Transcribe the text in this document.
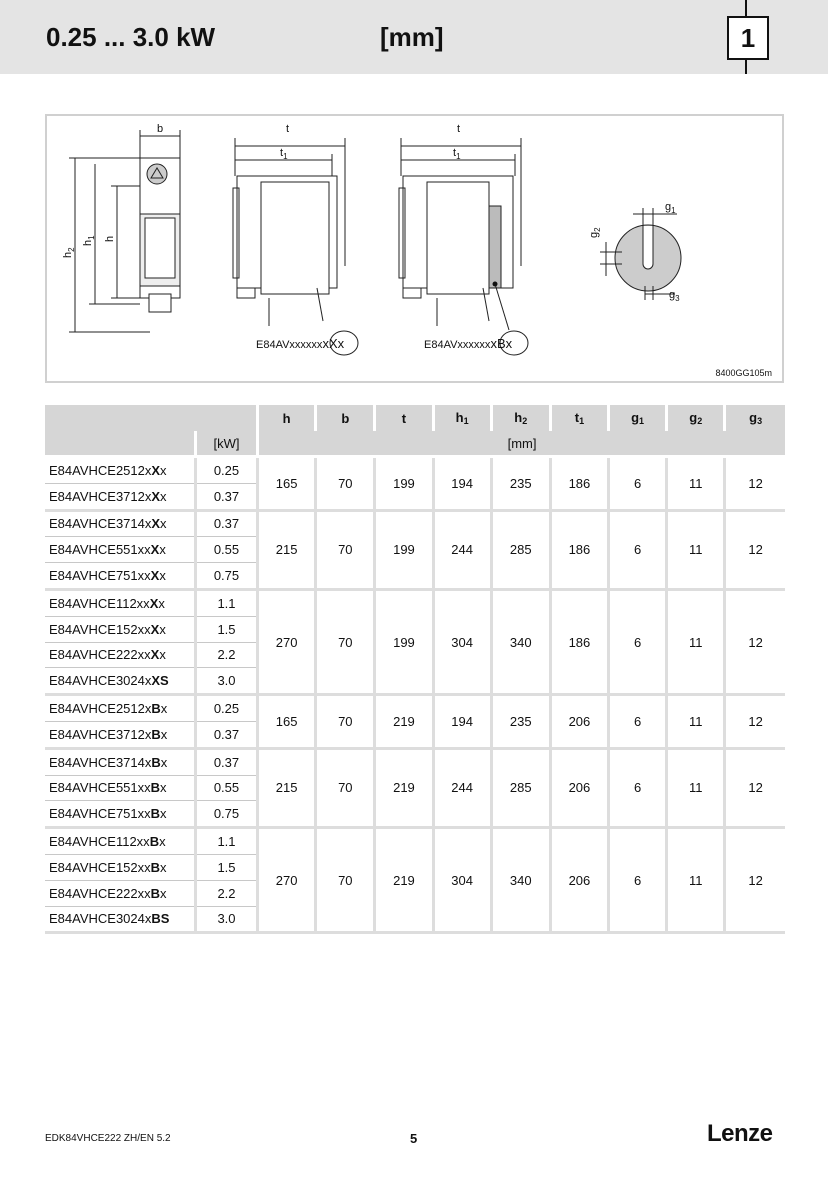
0.25 ... 3.0 kW	[mm]	1
b	t
$t_1$
t
$t_1$
h
$h_1$
$h_2$
$g_1$
$g_2$
$g_3$
E84AVxxxxxxxXx	E84AVxxxxxxxBx
8400GG105m
		h	b	t	$h_1$	$h_2$	$t_1$	$g_1$	$g_2$	$g_3$
	[kW]	[mm]								
E84AVHCE2512xXx	0.25	165	70	199	194	235	186	6	11	12
E84AVHCE3712xXx	0.37									
E84AVHCE3714xXx	0.37	215	70	199	244	285	186	6	11	12
E84AVHCE551xxXx	0.55									
E84AVHCE751xxXx	0.75									
E84AVHCE112xxXx	1.1	270	70	199	304	340	186	6	11	12
E84AVHCE152xxXx	1.5									
E84AVHCE222xxXx	2.2									
E84AVHCE3024xXS	3.0									
E84AVHCE2512xBx	0.25	165	70	219	194	235	206	6	11	12
E84AVHCE3712xBx	0.37									
E84AVHCE3714xBx	0.37	215	70	219	244	285	206	6	11	12
E84AVHCE551xxBx	0.55									
E84AVHCE751xxBx	0.75									
E84AVHCE112xxBx	1.1	270	70	219	304	340	206	6	11	12
E84AVHCE152xxBx	1.5									
E84AVHCE222xxBx	2.2									
E84AVHCE3024xBS	3.0									
EDK84VHCE222 ZH/EN 5.2	5	Lenze
